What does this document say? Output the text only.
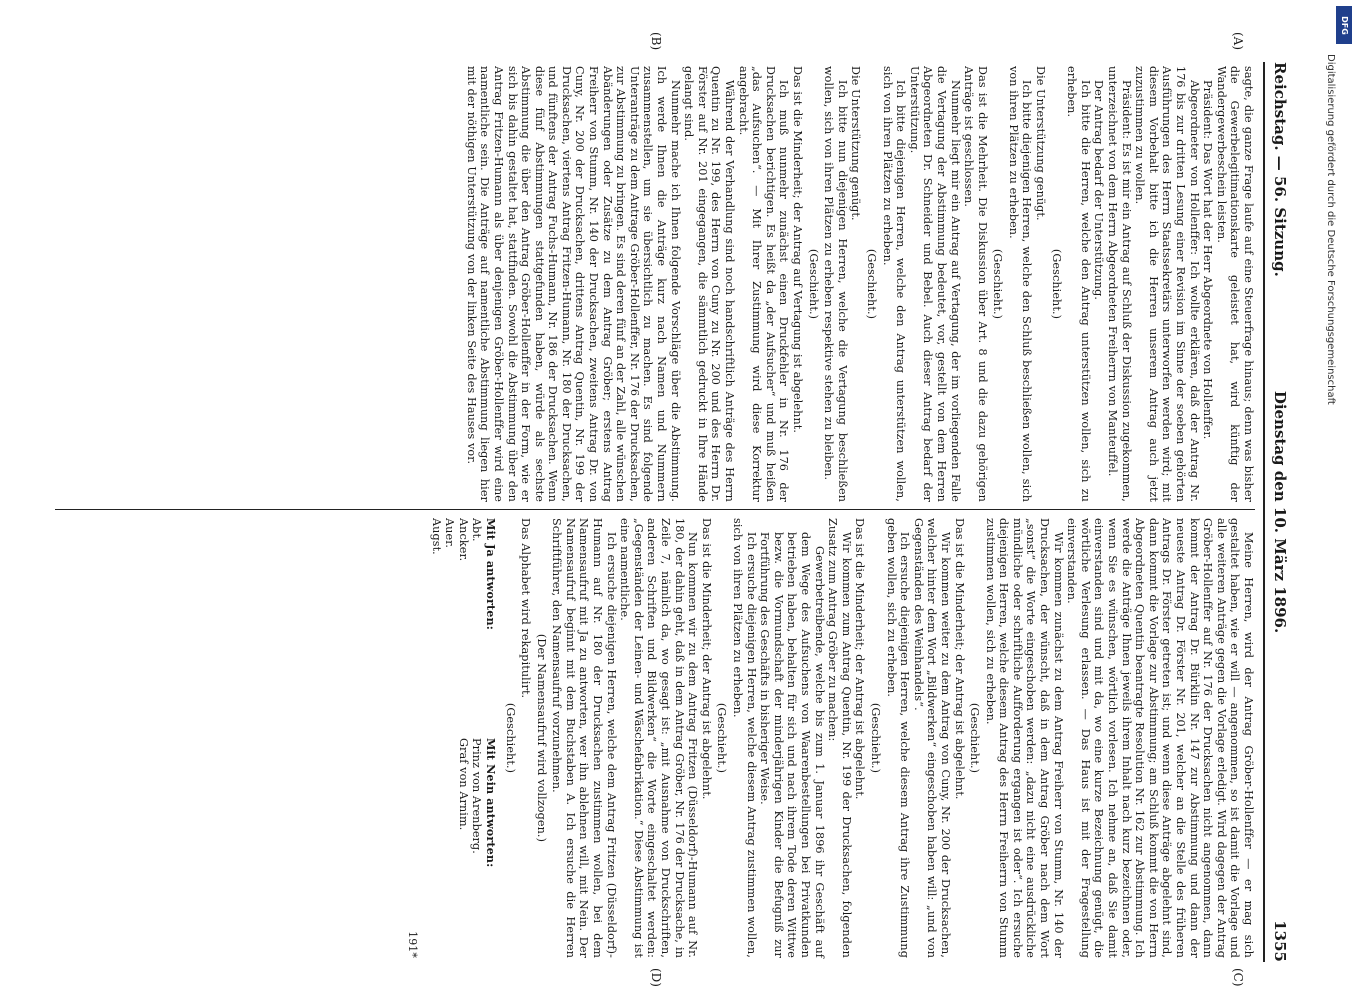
Reichstag. — 56. Sitzung.
Dienstag den 10. März 1896.
1355
(A)
(B)
(C)
(D)

sagte, die ganze Frage laufe auf eine Steuerfrage hinaus; denn was bisher die Gewerbelegitimationskarte geleistet hat, wird künftig der Wandergewerbeschein leisten.

Präsident: Das Wort hat der Herr Abgeordnete von Hollenffer.

Abgeordneter von Hollenffer: Ich wollte erklären, daß der Antrag Nr. 176 bis zur dritten Lesung einer Revision im Sinne der soeben gehörten Ausführungen des Herrn Staatssekretärs unterworfen werden wird; mit diesem Vorbehalt bitte ich die Herren unserem Antrag auch jetzt zuzustimmen zu wollen.

Präsident: Es ist mir ein Antrag auf Schluß der Diskussion zugekommen, unterzeichnet von dem Herrn Abgeordneten Freiherrn von Manteuffel.

Der Antrag bedarf der Unterstützung.

Ich bitte die Herren, welche den Antrag unterstützen wollen, sich zu erheben.

(Geschieht.)

Die Unterstützung genügt.

Ich bitte diejenigen Herren, welche den Schluß beschließen wollen, sich von ihren Plätzen zu erheben.

(Geschieht.)

Das ist die Mehrheit. Die Diskussion über Art. 8 und die dazu gehörigen Anträge ist geschlossen.

Nunmehr liegt mir ein Antrag auf Vertagung, der im vorliegenden Falle die Vertagung der Abstimmung bedeutet, vor, gestellt von dem Herren Abgeordneten Dr. Schneider und Bebel. Auch dieser Antrag bedarf der Unterstützung.

Ich bitte diejenigen Herren, welche den Antrag unterstützen wollen, sich von ihren Plätzen zu erheben.

(Geschieht.)

Die Unterstützung genügt.

Ich bitte nun diejenigen Herren, welche die Vertagung beschließen wollen, sich von ihren Plätzen zu erheben respektive stehen zu bleiben.

(Geschieht.)

Das ist die Minderheit; der Antrag auf Vertagung ist abgelehnt.

Ich muß nunmehr zunächst einen Druckfehler in Nr. 176 der Drucksachen berichtigen. Es heißt da „der Aufsucher“ und muß heißen „das Aufsuchen“. — Mit Ihrer Zustimmung wird diese Korrektur angebracht.

Während der Verhandlung sind noch handschriftlich Anträge des Herrn Quentin zu Nr. 199, des Herrn von Cuny zu Nr. 200 und des Herrn Dr. Förster auf Nr. 201 eingegangen, die sämmtlich gedruckt in Ihre Hände gelangt sind.

Nunmehr mache ich Ihnen folgende Vorschläge über die Abstimmung. Ich werde Ihnen die Anträge kurz nach Namen und Nummern zusammenstellen, um sie übersichtlich zu machen. Es sind folgende Unteranträge zu dem Antrage Gröber-Hollenffer, Nr. 176 der Drucksachen, zur Abstimmung zu bringen. Es sind deren fünf an der Zahl, alle wünschen Abänderungen oder Zusätze zu dem Antrag Gröber; erstens Antrag Freiherr von Stumm, Nr. 140 der Drucksachen, zweitens Antrag Dr. von Cuny, Nr. 200 der Drucksachen, drittens Antrag Quentin, Nr. 199 der Drucksachen, viertens Antrag Fritzen-Humann, Nr. 180 der Drucksachen, und fünftens der Antrag Fuchs-Humann, Nr. 186 der Drucksachen. Wenn diese fünf Abstimmungen stattgefunden haben, würde als sechste Abstimmung die über den Antrag Gröber-Hollenffer in der Form, wie er sich bis dahin gestaltet hat, stattfinden. Sowohl die Abstimmung über den Antrag Fritzen-Humann als über denjenigen Gröber-Hollenffer wird eine namentliche sein. Die Anträge auf namentliche Abstimmung liegen hier mit der nöthigen Unterstützung von der linken Seite des Hauses vor.

Meine Herren, wird der Antrag Gröber-Hollenffer — er mag sich gestaltet haben, wie er will — angenommen, so ist damit die Vorlage und alle weiteren Anträge gegen die Vorlage erledigt. Wird dagegen der Antrag Gröber-Hollenffer auf Nr. 176 der Drucksachen nicht angenommen, dann kommt der Antrag Dr. Bürklin Nr. 147 zur Abstimmung und dann der neueste Antrag Dr. Förster Nr. 201, welcher an die Stelle des früheren Antrags Dr. Förster getreten ist; und wenn diese Anträge abgelehnt sind, dann kommt die Vorlage zur Abstimmung; am Schluß kommt die von Herrn Abgeordneten Quentin beantragte Resolution Nr. 162 zur Abstimmung. Ich werde die Anträge Ihnen jeweils ihrem Inhalt nach kurz bezeichnen oder, wenn Sie es wünschen, wörtlich vorlesen. Ich nehme an, daß Sie damit einverstanden sind und mit da, wo eine kurze Bezeichnung genügt, die wörtliche Verlesung erlassen. — Das Haus ist mit der Fragestellung einverstanden.

Wir kommen zunächst zu dem Antrag Freiherr von Stumm, Nr. 140 der Drucksachen, der wünscht, daß in dem Antrag Gröber nach dem Wort „sonst“ die Worte eingeschoben werden: „dazu nicht eine ausdrückliche mündliche oder schriftliche Aufforderung ergangen ist oder“. Ich ersuche diejenigen Herren, welche diesem Antrag des Herrn Freiherrn von Stumm zustimmen wollen, sich zu erheben.

(Geschieht.)

Das ist die Minderheit; der Antrag ist abgelehnt.

Wir kommen weiter zu dem Antrag von Cuny, Nr. 200 der Drucksachen, welcher hinter dem Wort „Bildwerken“ eingeschoben haben will: „und von Gegenständen des Weinhandels“.

Ich ersuche diejenigen Herren, welche diesem Antrag ihre Zustimmung geben wollen, sich zu erheben.

(Geschieht.)

Das ist die Minderheit; der Antrag ist abgelehnt.

Wir kommen zum Antrag Quentin, Nr. 199 der Drucksachen, folgenden Zusatz zum Antrag Gröber zu machen:

Gewerbetreibende, welche bis zum 1. Januar 1896 ihr Geschäft auf dem Wege des Aufsuchens von Waarenbestellungen bei Privatkunden betrieben haben, behalten für sich und nach ihrem Tode deren Wittwe bezw. die Vormundschaft der minderjährigen Kinder die Befugniß zur Fortführung des Geschäfts in bisheriger Weise.

Ich ersuche diejenigen Herren, welche diesem Antrag zustimmen wollen, sich von ihren Plätzen zu erheben.

(Geschieht.)

Das ist die Minderheit; der Antrag ist abgelehnt.

Nun kommen wir zu dem Antrag Fritzen (Düsseldorf)-Humann auf Nr. 180, der dahin geht, daß in dem Antrag Gröber, Nr. 176 der Drucksache, in Zeile 7, nämlich da, wo gesagt ist: „mit Ausnahme von Druckschriften, anderen Schriften und Bildwerken“ die Worte eingeschaltet werden: „Gegenständen der Leinen- und Wäschefabrikation.“ Diese Abstimmung ist eine namentliche.

Ich ersuche diejenigen Herren, welche dem Antrag Fritzen (Düsseldorf)-Humann auf Nr. 180 der Drucksachen zustimmen wollen, bei dem Namensaufruf mit Ja zu antworten, wer ihn ablehnen will, mit Nein. Der Namensaufruf beginnt mit dem Buchstaben A. Ich ersuche die Herren Schriftführer, den Namensaufruf vorzunehmen.

(Der Namensaufruf wird vollzogen.)

Das Alphabet wird rekapitulirt.

(Geschieht.)

Mit Ja antworten:
Abt.
Ancker.
Auer.
Augst.
Mit Nein antworten:
Prinz von Arenberg.
Graf von Arnim.
191*
Digitalisierung gefördert durch die Deutsche Forschungsgemeinschaft
DFG
